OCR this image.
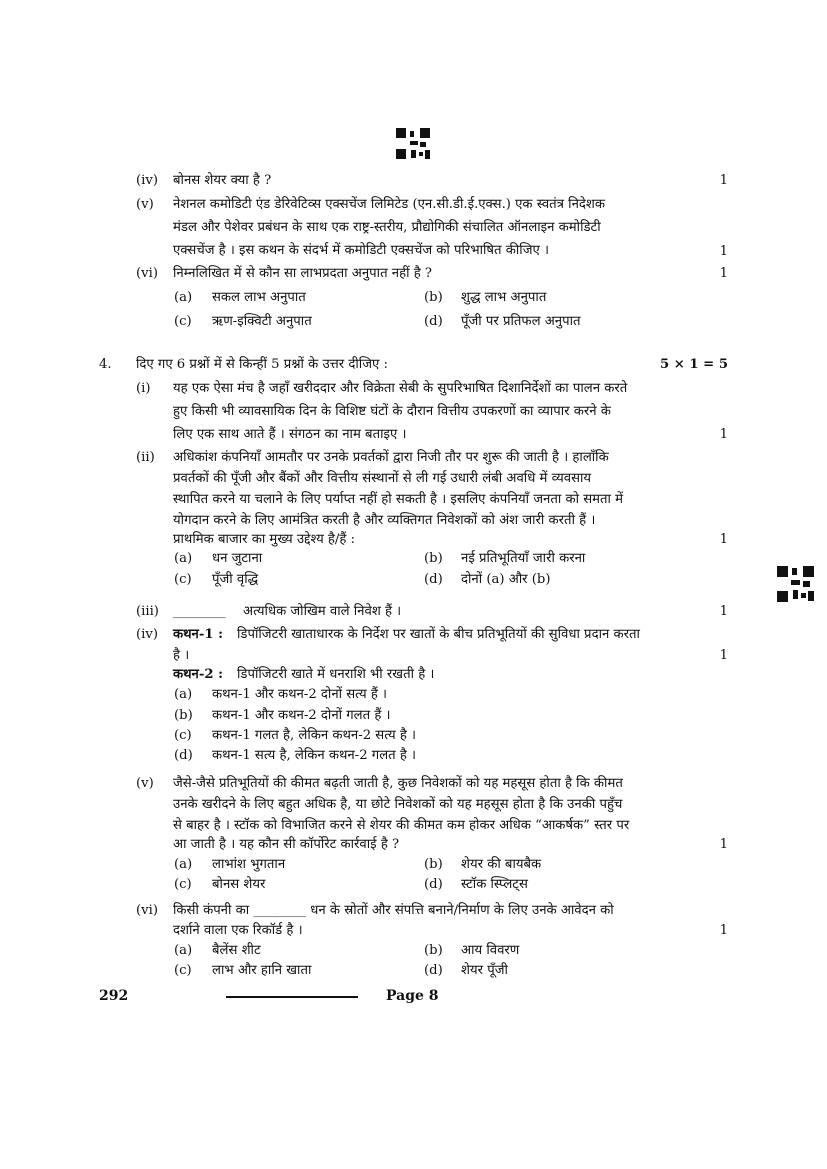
(iv) बोनस शेयर क्या है ?	1
(v) नेशनल कमोडिटी एंड डेरिवेटिव्स एक्सचेंज लिमिटेड (एन.सी.डी.ई.एक्स.) एक स्वतंत्र निदेशक
मंडल और पेशेवर प्रबंधन के साथ एक राष्ट्र-स्तरीय, प्रौद्योगिकी संचालित ऑनलाइन कमोडिटी
एक्सचेंज है । इस कथन के संदर्भ में कमोडिटी एक्सचेंज को परिभाषित कीजिए ।	1
(vi) निम्नलिखित में से कौन सा लाभप्रदता अनुपात नहीं है ?	1
(a) सकल लाभ अनुपात	(b) शुद्ध लाभ अनुपात
(c) ऋण-इक्विटी अनुपात	(d) पूँजी पर प्रतिफल अनुपात
4. दिए गए 6 प्रश्नों में से किन्हीं 5 प्रश्नों के उत्तर दीजिए :	5 × 1 = 5
(i) यह एक ऐसा मंच है जहाँ खरीददार और विक्रेता सेबी के सुपरिभाषित दिशानिर्देशों का पालन करते
हुए किसी भी व्यावसायिक दिन के विशिष्ट घंटों के दौरान वित्तीय उपकरणों का व्यापार करने के
लिए एक साथ आते हैं । संगठन का नाम बताइए ।	1
(ii) अधिकांश कंपनियाँ आमतौर पर उनके प्रवर्तकों द्वारा निजी तौर पर शुरू की जाती है । हालाँकि
प्रवर्तकों की पूँजी और बैंकों और वित्तीय संस्थानों से ली गई उधारी लंबी अवधि में व्यवसाय
स्थापित करने या चलाने के लिए पर्याप्त नहीं हो सकती है । इसलिए कंपनियाँ जनता को समता में
योगदान करने के लिए आमंत्रित करती है और व्यक्तिगत निवेशकों को अंश जारी करती हैं ।
प्राथमिक बाजार का मुख्य उद्देश्य है/हैं :	1
(a) धन जुटाना	(b) नई प्रतिभूतियाँ जारी करना
(c) पूँजी वृद्धि	(d) दोनों (a) और (b)
(iii) ________ अत्यधिक जोखिम वाले निवेश हैं ।	1
(iv) कथन-1 : डिपॉजिटरी खाताधारक के निर्देश पर खातों के बीच प्रतिभूतियों की सुविधा प्रदान करता
है ।	1
कथन-2 : डिपॉजिटरी खाते में धनराशि भी रखती है ।
(a) कथन-1 और कथन-2 दोनों सत्य हैं ।
(b) कथन-1 और कथन-2 दोनों गलत हैं ।
(c) कथन-1 गलत है, लेकिन कथन-2 सत्य है ।
(d) कथन-1 सत्य है, लेकिन कथन-2 गलत है ।
(v) जैसे-जैसे प्रतिभूतियों की कीमत बढ़ती जाती है, कुछ निवेशकों को यह महसूस होता है कि कीमत
उनके खरीदने के लिए बहुत अधिक है, या छोटे निवेशकों को यह महसूस होता है कि उनकी पहुँच
से बाहर है । स्टॉक को विभाजित करने से शेयर की कीमत कम होकर अधिक “आकर्षक” स्तर पर
आ जाती है । यह कौन सी कॉर्पोरेट कार्रवाई है ?	1
(a) लाभांश भुगतान	(b) शेयर की बायबैक
(c) बोनस शेयर	(d) स्टॉक स्प्लिट्स
(vi) किसी कंपनी का ________ धन के स्रोतों और संपत्ति बनाने/निर्माण के लिए उनके आवेदन को
दर्शाने वाला एक रिकॉर्ड है ।	1
(a) बैलेंस शीट	(b) आय विवरण
(c) लाभ और हानि खाता	(d) शेयर पूँजी
292	Page 8
